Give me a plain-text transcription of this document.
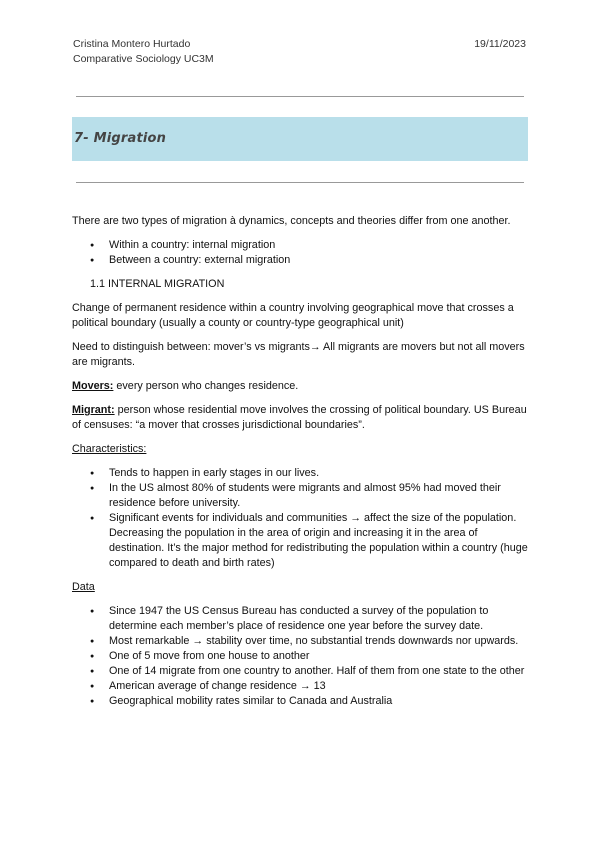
Cristina Montero Hurtado
Comparative Sociology UC3M
19/11/2023
7- Migration

There are two types of migration à dynamics, concepts and theories differ from one another.

● Within a country: internal migration
● Between a country: external migration

1.1 INTERNAL MIGRATION

Change of permanent residence within a country involving geographical move that crosses a political boundary (usually a county or country-type geographical unit)

Need to distinguish between: mover’s vs migrants→ All migrants are movers but not all movers are migrants.

Movers: every person who changes residence.

Migrant: person whose residential move involves the crossing of political boundary. US Bureau of censuses: “a mover that crosses jurisdictional boundaries”.

Characteristics:

● Tends to happen in early stages in our lives.
● In the US almost 80% of students were migrants and almost 95% had moved their residence before university.
● Significant events for individuals and communities → affect the size of the population. Decreasing the population in the area of origin and increasing it in the area of destination. It’s the major method for redistributing the population within a country (huge compared to death and birth rates)

Data

● Since 1947 the US Census Bureau has conducted a survey of the population to determine each member’s place of residence one year before the survey date.
● Most remarkable → stability over time, no substantial trends downwards nor upwards.
● One of 5 move from one house to another
● One of 14 migrate from one country to another. Half of them from one state to the other
● American average of change residence → 13
● Geographical mobility rates similar to Canada and Australia
